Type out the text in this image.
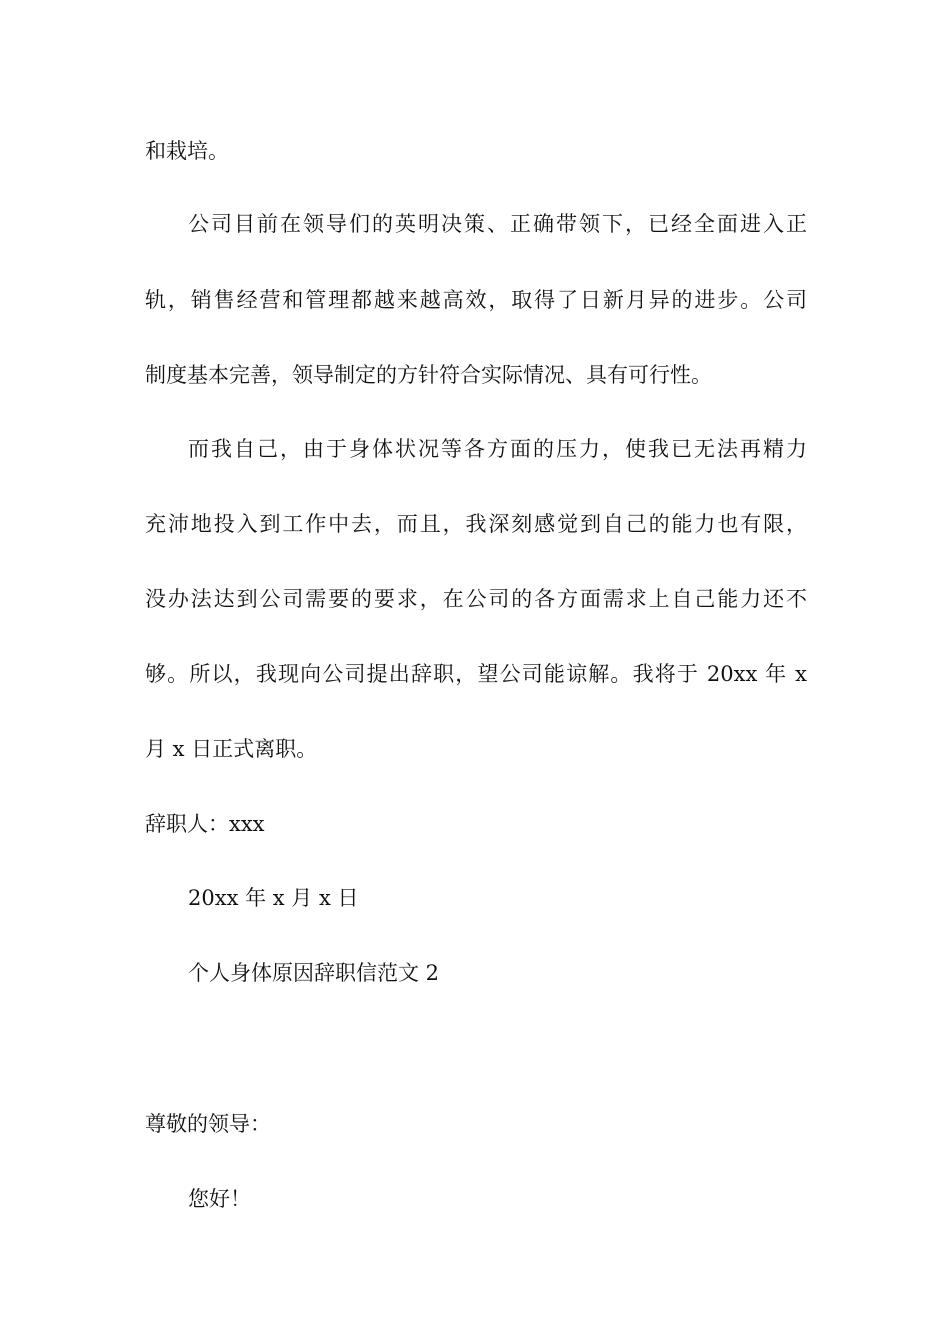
和栽培。
公司目前在领导们的英明决策、正确带领下，已经全面进入正
轨，销售经营和管理都越来越高效，取得了日新月异的进步。公司
制度基本完善，领导制定的方针符合实际情况、具有可行性。
而我自己，由于身体状况等各方面的压力，使我已无法再精力
充沛地投入到工作中去，而且，我深刻感觉到自己的能力也有限，
没办法达到公司需要的要求，在公司的各方面需求上自己能力还不
够。所以，我现向公司提出辞职，望公司能谅解。我将于 20xx 年 x
月 x 日正式离职。
辞职人：xxx
20xx 年 x 月 x 日
个人身体原因辞职信范文 2
尊敬的领导：
您好！
